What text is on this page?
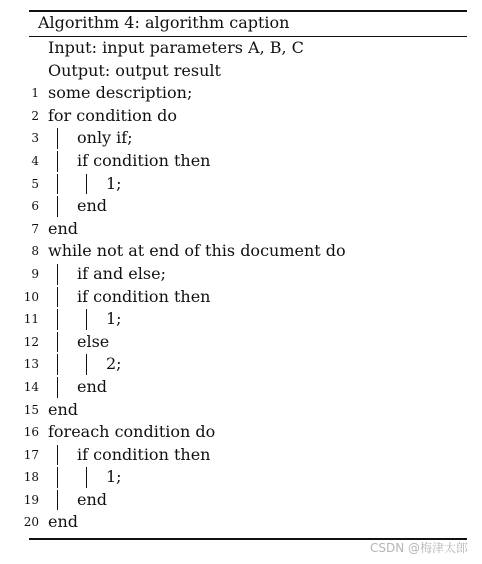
Algorithm 4: algorithm caption
Input: input parameters A, B, C
Output: output result
1 some description;
2 for condition do
3 only if;
4 if condition then
5	1;
6 end
7 end
8 while not at end of this document do
9 if and else;
10 if condition then
11	1;
12 else
13	2;
14 end
15 end
16 foreach condition do
17 if condition then
18	1;
19 end
20 end
CSDN @梅津太郎
